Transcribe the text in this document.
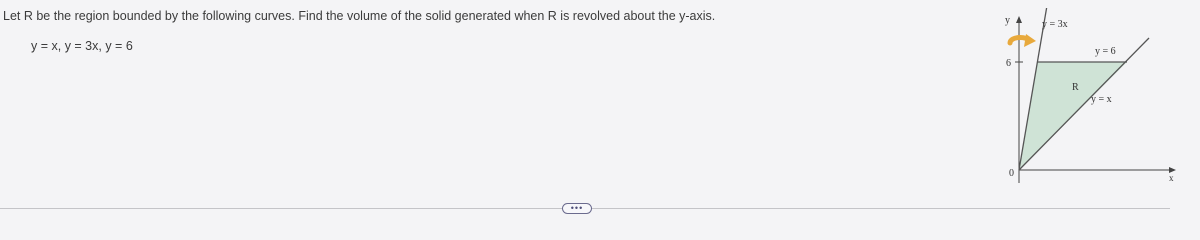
Let R be the region bounded by the following curves. Find the volume of the solid generated when R is revolved about the y-axis.
y = x, y = 3x, y = 6
y
x
0
6
R
y = 3x
y = 6
y = x
•••
